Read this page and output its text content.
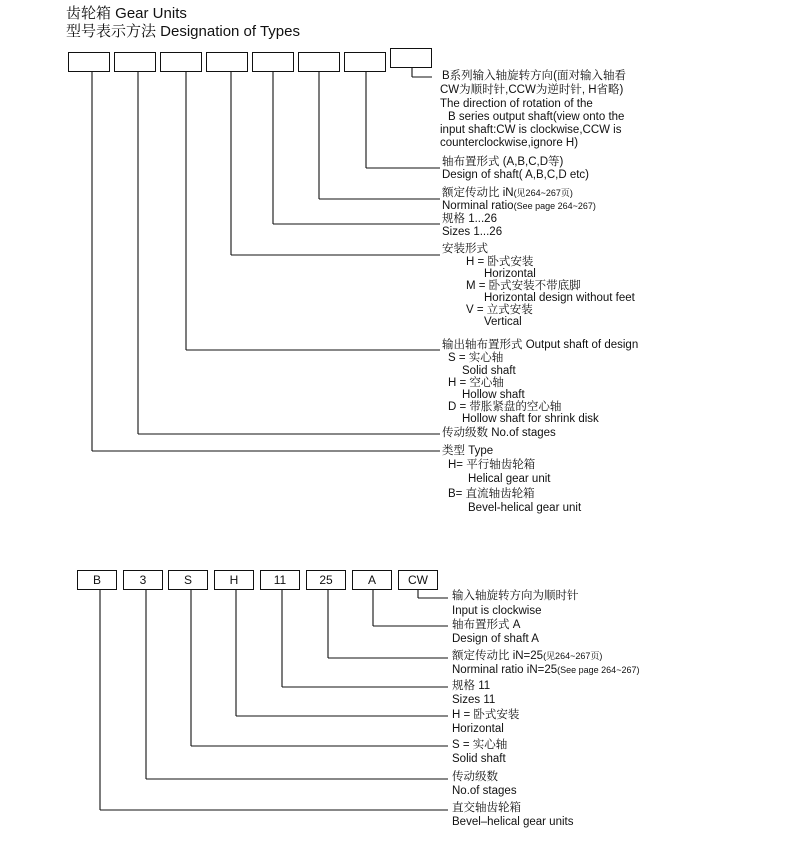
齿轮箱 Gear Units
型号表示方法 Designation of Types
B系列输入轴旋转方向(面对输入轴看
CW为顺时针,CCW为逆时针, H省略)
The direction of rotation of the
B series output shaft(view onto the
input shaft:CW is clockwise,CCW is
counterclockwise,ignore H)
轴布置形式 (A,B,C,D等)
Design of shaft( A,B,C,D etc)
额定传动比 iN(见264~267页)
Norminal ratio(See page 264~267)
规格 1...26
Sizes 1...26
安装形式
H = 卧式安装
Horizontal
M = 卧式安装不带底脚
Horizontal design without feet
V = 立式安装
Vertical
输出轴布置形式 Output shaft of design
S = 实心轴
Solid shaft
H = 空心轴
Hollow shaft
D = 带胀紧盘的空心轴
Hollow shaft for shrink disk
传动级数 No.of stages
类型 Type
H= 平行轴齿轮箱
Helical gear unit
B= 直流轴齿轮箱
Bevel-helical gear unit
B	3	S	H	11	25	A	CW
输入轴旋转方向为顺时针
Input is clockwise
轴布置形式 A
Design of shaft A
额定传动比 iN=25(见264~267页)
Norminal ratio iN=25(See page 264~267)
规格 11
Sizes 11
H = 卧式安装
Horizontal
S = 实心轴
Solid shaft
传动级数
No.of stages
直交轴齿轮箱
Bevel–helical gear units
